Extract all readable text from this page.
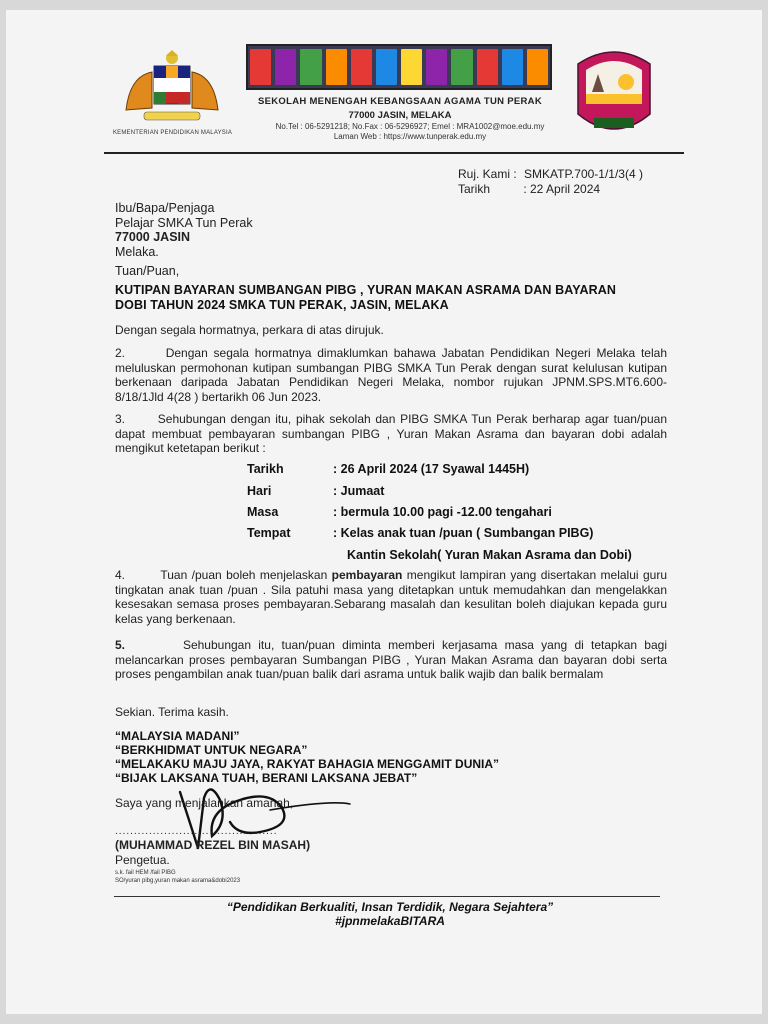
KEMENTERIAN PENDIDIKAN MALAYSIA
SEKOLAH MENENGAH KEBANGSAAN AGAMA TUN PERAK
77000 JASIN, MELAKA
No.Tel : 06-5291218; No.Fax : 06-5296927; Emel : MRA1002@moe.edu.my
Laman Web : https://www.tunperak.edu.my
Ruj. Kami : SMKATP.700-1/1/3(4 )
Tarikh	: 22 April 2024
Ibu/Bapa/Penjaga
Pelajar SMKA Tun Perak
77000 JASIN
Melaka.
Tuan/Puan,
KUTIPAN BAYARAN SUMBANGAN PIBG , YURAN MAKAN ASRAMA DAN BAYARAN
DOBI TAHUN 2024 SMKA TUN PERAK, JASIN, MELAKA
Dengan segala hormatnya, perkara di atas dirujuk.
2.       Dengan segala hormatnya dimaklumkan bahawa Jabatan Pendidikan Negeri Melaka telah meluluskan permohonan kutipan sumbangan PIBG SMKA Tun Perak dengan surat kelulusan kutipan berkenaan daripada Jabatan Pendidikan Negeri Melaka, nombor rujukan JPNM.SPS.MT6.600-8/18/1Jld 4(28 ) bertarikh 06 Jun 2023.
3.       Sehubungan dengan itu, pihak sekolah dan PIBG SMKA Tun Perak berharap agar tuan/puan dapat membuat pembayaran sumbangan PIBG , Yuran Makan Asrama dan bayaran dobi adalah mengikut ketetapan berikut :
Tarikh	: 26 April 2024 (17 Syawal 1445H)
Hari	: Jumaat
Masa	: bermula 10.00 pagi -12.00 tengahari
Tempat	: Kelas anak tuan /puan ( Sumbangan PIBG)
Kantin Sekolah( Yuran Makan Asrama dan Dobi)
4.        Tuan /puan boleh menjelaskan pembayaran mengikut lampiran yang disertakan melalui guru tingkatan anak tuan /puan . Sila patuhi masa yang ditetapkan untuk memudahkan dan mengelakkan kesesakan semasa proses pembayaran.Sebarang masalah dan kesulitan boleh diajukan kepada guru kelas yang berkenaan.
5.        Sehubungan itu, tuan/puan diminta memberi kerjasama masa yang di tetapkan bagi melancarkan proses pembayaran Sumbangan PIBG , Yuran Makan Asrama dan bayaran dobi serta proses pengambilan anak tuan/puan balik dari asrama untuk balik wajib dan balik bermalam
Sekian. Terima kasih.
“MALAYSIA MADANI”
“BERKHIDMAT UNTUK NEGARA”
“MELAKAKU MAJU JAYA, RAKYAT BAHAGIA MENGGAMIT DUNIA”
“BIJAK LAKSANA TUAH, BERANI LAKSANA JEBAT”
Saya yang menjalankan amanah,
...........................................
(MUHAMMAD REZEL BIN MASAH)
Pengetua.
s.k. fail HEM /fail PIBG
SO/yuran pibg,yuran makan asrama&dobi2023
“Pendidikan Berkualiti, Insan Terdidik, Negara Sejahtera”
#jpnmelakaBITARA
